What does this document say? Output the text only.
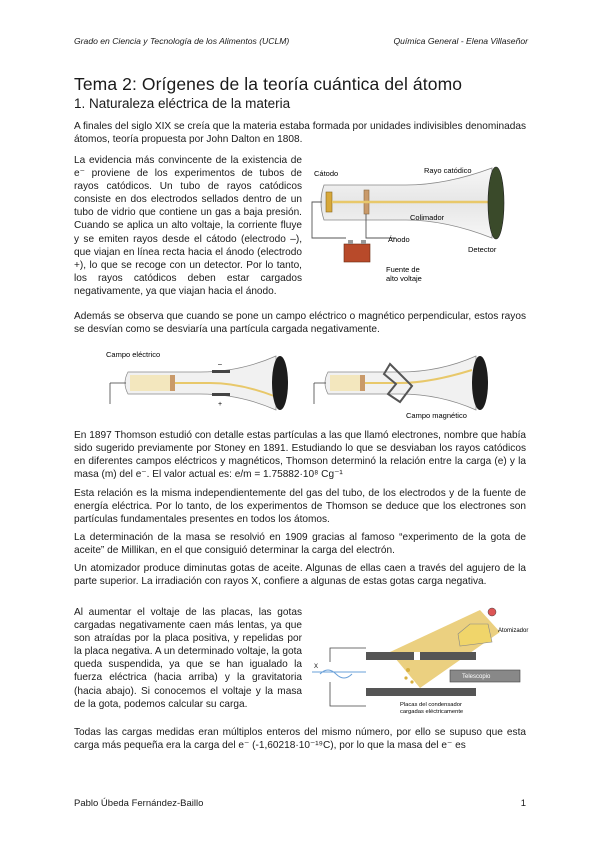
Grado en Ciencia y Tecnología de los Alimentos (UCLM)	Química General - Elena Villaseñor
Tema 2: Orígenes de la teoría cuántica del átomo
1. Naturaleza eléctrica de la materia

A finales del siglo XIX se creía que la materia estaba formada por unidades indivisibles denominadas átomos, teoría propuesta por John Dalton en 1808.

La evidencia más convincente de la existencia de e⁻ proviene de los experimentos de tubos de rayos catódicos. Un tubo de rayos catódicos consiste en dos electrodos sellados dentro de un tubo de vidrio que contiene un gas a baja presión. Cuando se aplica un alto voltaje, la corriente fluye y se emiten rayos desde el cátodo (electrodo –), que viajan en línea recta hacia el ánodo (electrodo +), lo que se recoge con un detector. Por lo tanto, los rayos catódicos deben estar cargados negativamente, ya que viajan hacia el ánodo.

Cátodo	Rayo catódico
Colimador
Ánodo
Detector
Fuente de
alto voltaje

Además se observa que cuando se pone un campo eléctrico o magnético perpendicular, estos rayos se desvían como se desviaría una partícula cargada negativamente.

Campo eléctrico
–
+
Campo magnético

En 1897 Thomson estudió con detalle estas partículas a las que llamó electrones, nombre que había sido sugerido previamente por Stoney en 1891. Estudiando lo que se desviaban los rayos catódicos en diferentes campos eléctricos y magnéticos, Thomson determinó la relación entre la carga (e) y la masa (m) del e⁻. El valor actual es: e/m = 1.75882·10⁸ Cg⁻¹

Esta relación es la misma independientemente del gas del tubo, de los electrodos y de la fuente de energía eléctrica. Por lo tanto, de los experimentos de Thomson se deduce que los electrones son partículas fundamentales presentes en todos los átomos.

La determinación de la masa se resolvió en 1909 gracias al famoso “experimento de la gota de aceite” de Millikan, en el que consiguió determinar la carga del electrón.

Un atomizador produce diminutas gotas de aceite. Algunas de ellas caen a través del agujero de la parte superior. La irradiación con rayos X, confiere a algunas de estas gotas carga negativa.

Al aumentar el voltaje de las placas, las gotas cargadas negativamente caen más lentas, ya que son atraídas por la placa positiva, y repelidas por la placa negativa. A un determinado voltaje, la gota queda suspendida, ya que se han igualado la fuerza eléctrica (hacia arriba) y la gravitatoria (hacia abajo). Si conocemos el voltaje y la masa de la gota, podemos calcular su carga.

X
Atomizador
Telescopio
Placas del condensador
cargadas eléctricamente

Todas las cargas medidas eran múltiplos enteros del mismo número, por ello se supuso que esta carga más pequeña era la carga del e⁻ (-1,60218·10⁻¹⁹C), por lo que la masa del e⁻ es

Pablo Úbeda Fernández-Baillo	1
